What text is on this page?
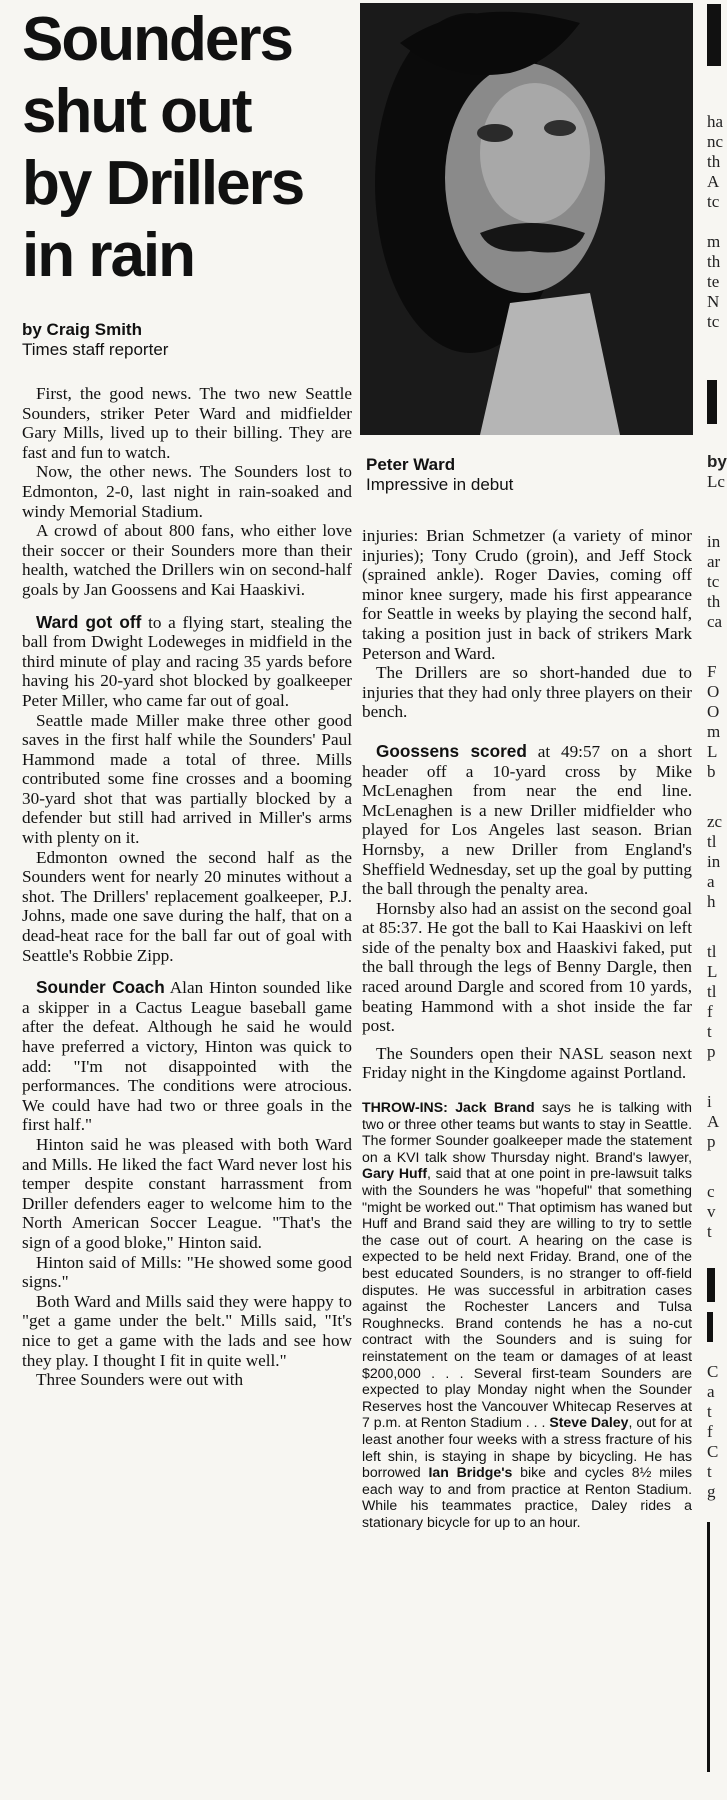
Sounders
shut out
by Drillers
in rain
by Craig Smith
Times staff reporter
Peter Ward
Impressive in debut

First, the good news. The two new Seattle Sounders, striker Peter Ward and midfielder Gary Mills, lived up to their billing. They are fast and fun to watch.

Now, the other news. The Sounders lost to Edmonton, 2-0, last night in rain-soaked and windy Memorial Stadium.

A crowd of about 800 fans, who either love their soccer or their Sounders more than their health, watched the Drillers win on second-half goals by Jan Goossens and Kai Haaskivi.

Ward got off to a flying start, stealing the ball from Dwight Lodeweges in midfield in the third minute of play and racing 35 yards before having his 20-yard shot blocked by goalkeeper Peter Miller, who came far out of goal.

Seattle made Miller make three other good saves in the first half while the Sounders' Paul Hammond made a total of three. Mills contributed some fine crosses and a booming 30-yard shot that was partially blocked by a defender but still had arrived in Miller's arms with plenty on it.

Edmonton owned the second half as the Sounders went for nearly 20 minutes without a shot. The Drillers' replacement goalkeeper, P.J. Johns, made one save during the half, that on a dead-heat race for the ball far out of goal with Seattle's Robbie Zipp.

Sounder Coach Alan Hinton sounded like a skipper in a Cactus League baseball game after the defeat. Although he said he would have preferred a victory, Hinton was quick to add: "I'm not disappointed with the performances. The conditions were atrocious. We could have had two or three goals in the first half."

Hinton said he was pleased with both Ward and Mills. He liked the fact Ward never lost his temper despite constant harrassment from Driller defenders eager to welcome him to the North American Soccer League. "That's the sign of a good bloke," Hinton said.

Hinton said of Mills: "He showed some good signs."

Both Ward and Mills said they were happy to "get a game under the belt." Mills said, "It's nice to get a game with the lads and see how they play. I thought I fit in quite well."

Three Sounders were out with

injuries: Brian Schmetzer (a variety of minor injuries); Tony Crudo (groin), and Jeff Stock (sprained ankle). Roger Davies, coming off minor knee surgery, made his first appearance for Seattle in weeks by playing the second half, taking a position just in back of strikers Mark Peterson and Ward.

The Drillers are so short-handed due to injuries that they had only three players on their bench.

Goossens scored at 49:57 on a short header off a 10-yard cross by Mike McLenaghen from near the end line. McLenaghen is a new Driller midfielder who played for Los Angeles last season. Brian Hornsby, a new Driller from England's Sheffield Wednesday, set up the goal by putting the ball through the penalty area.

Hornsby also had an assist on the second goal at 85:37. He got the ball to Kai Haaskivi on left side of the penalty box and Haaskivi faked, put the ball through the legs of Benny Dargle, then raced around Dargle and scored from 10 yards, beating Hammond with a shot inside the far post.

The Sounders open their NASL season next Friday night in the Kingdome against Portland.

THROW-INS: Jack Brand says he is talking with two or three other teams but wants to stay in Seattle. The former Sounder goalkeeper made the statement on a KVI talk show Thursday night. Brand's lawyer, Gary Huff, said that at one point in pre-lawsuit talks with the Sounders he was "hopeful" that something "might be worked out." That optimism has waned but Huff and Brand said they are willing to try to settle the case out of court. A hearing on the case is expected to be held next Friday. Brand, one of the best educated Sounders, is no stranger to off-field disputes. He was successful in arbitration cases against the Rochester Lancers and Tulsa Roughnecks. Brand contends he has a no-cut contract with the Sounders and is suing for reinstatement on the team or damages of at least $200,000 . . . Several first-team Sounders are expected to play Monday night when the Sounder Reserves host the Vancouver Whitecap Reserves at 7 p.m. at Renton Stadium . . . Steve Daley, out for at least another four weeks with a stress fracture of his left shin, is staying in shape by bicycling. He has borrowed Ian Bridge's bike and cycles 8½ miles each way to and from practice at Renton Stadium. While his teammates practice, Daley rides a stationary bicycle for up to an hour.
ha
nc
th
A
tc
m
th
te
N
tc
by
Lc
in
ar
tc
th
ca
F
O
O
m
L
b
zc
tl
in
a
h
tl
L
tl
f
t
p
i
A
p
c
v
t
C
a
t
f
C
t
g
